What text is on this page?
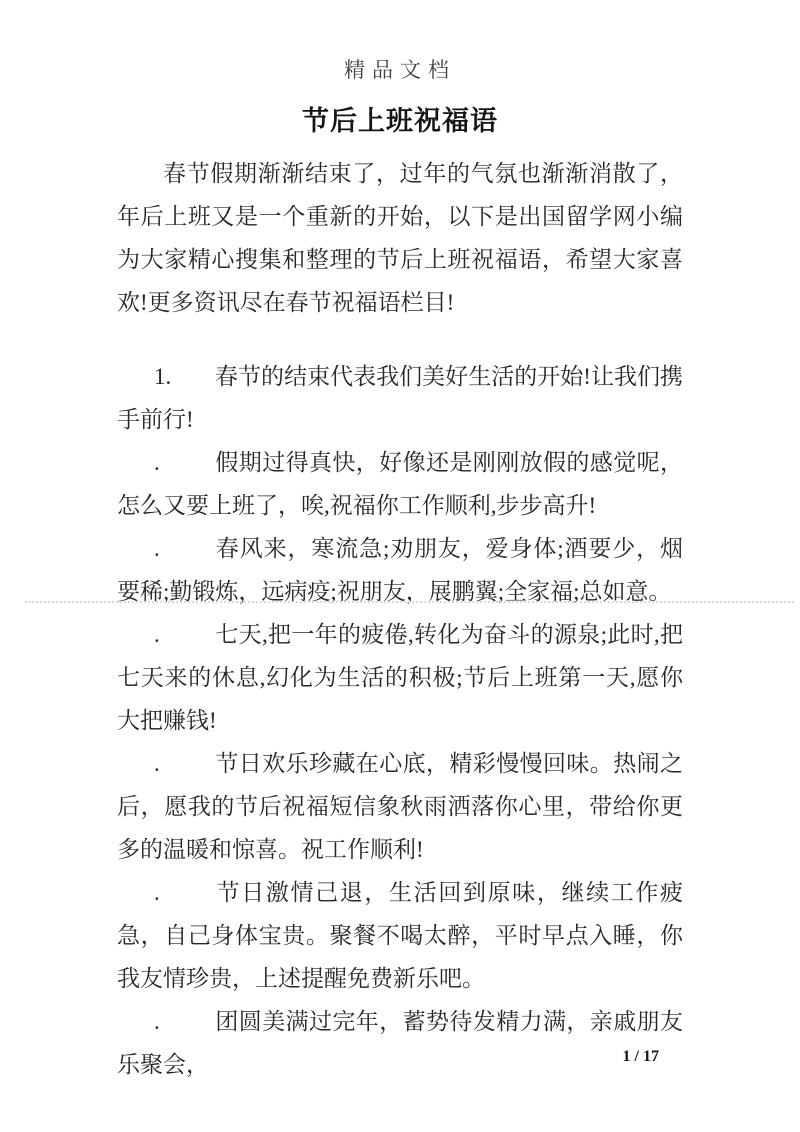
精品文档
节后上班祝福语

春节假期渐渐结束了，过年的气氛也渐渐消散了，年后上班又是一个重新的开始，以下是出国留学网小编为大家精心搜集和整理的节后上班祝福语，希望大家喜欢!更多资讯尽在春节祝福语栏目!

1. 春节的结束代表我们美好生活的开始!让我们携手前行!

. 假期过得真快，好像还是刚刚放假的感觉呢，怎么又要上班了，唉,祝福你工作顺利,步步高升!

. 春风来，寒流急;劝朋友，爱身体;酒要少，烟要稀;勤锻炼，远病疫;祝朋友，展鹏翼;全家福;总如意。

. 七天,把一年的疲倦,转化为奋斗的源泉;此时,把七天来的休息,幻化为生活的积极;节后上班第一天,愿你大把赚钱!

. 节日欢乐珍藏在心底，精彩慢慢回味。热闹之后，愿我的节后祝福短信象秋雨洒落你心里，带给你更多的温暖和惊喜。祝工作顺利!

. 节日激情己退，生活回到原味，继续工作疲急，自己身体宝贵。聚餐不喝太醉，平时早点入睡，你我友情珍贵，上述提醒免费新乐吧。

. 团圆美满过完年，蓄势待发精力满，亲戚朋友乐聚会，	1 / 17
